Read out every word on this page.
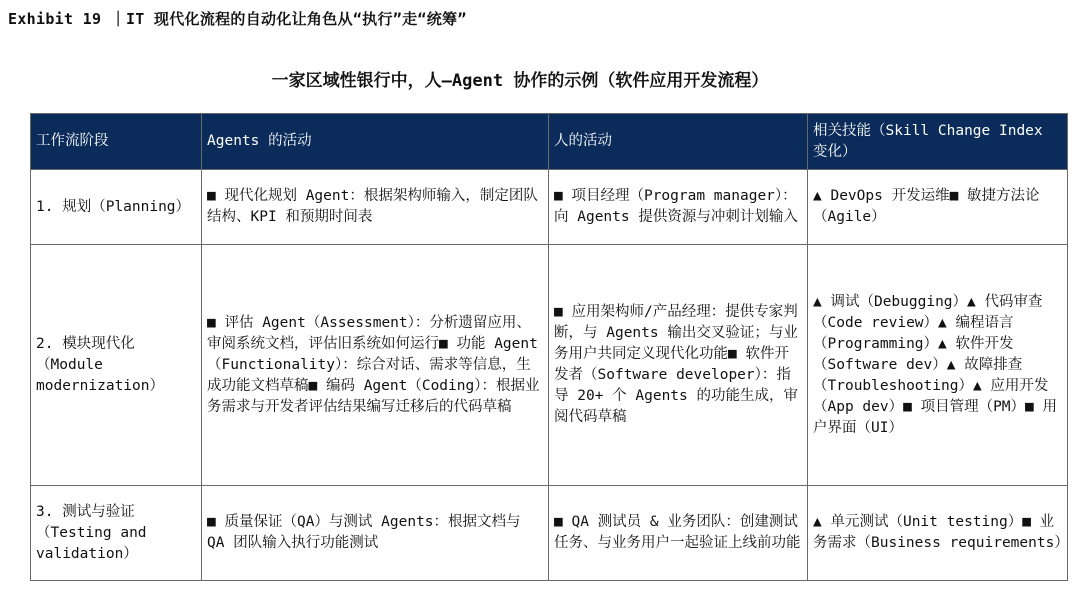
Exhibit 19 ｜IT 现代化流程的自动化让角色从“执行”走“统筹”
一家区域性银行中，人—Agent 协作的示例（软件应用开发流程）
工作流阶段	Agents 的活动	人的活动	相关技能（Skill Change Index 变化）
1. 规划（Planning）	■ 现代化规划 Agent：根据架构师输入，制定团队结构、KPI 和预期时间表	■ 项目经理（Program manager）：向 Agents 提供资源与冲刺计划输入	▲ DevOps 开发运维■ 敏捷方法论（Agile）
2. 模块现代化（Module modernization）	■ 评估 Agent（Assessment）：分析遗留应用、审阅系统文档，评估旧系统如何运行■ 功能 Agent（Functionality）：综合对话、需求等信息，生成功能文档草稿■ 编码 Agent（Coding）：根据业务需求与开发者评估结果编写迁移后的代码草稿	■ 应用架构师/产品经理：提供专家判断，与 Agents 输出交叉验证；与业务用户共同定义现代化功能■ 软件开发者（Software developer）：指导 20+ 个 Agents 的功能生成，审阅代码草稿	▲ 调试（Debugging）▲ 代码审查（Code review）▲ 编程语言（Programming）▲ 软件开发（Software dev）▲ 故障排查（Troubleshooting）▲ 应用开发（App dev）■ 项目管理（PM）■ 用户界面（UI）
3. 测试与验证（Testing and validation）	■ 质量保证（QA）与测试 Agents：根据文档与 QA 团队输入执行功能测试	■ QA 测试员 & 业务团队：创建测试任务、与业务用户一起验证上线前功能	▲ 单元测试（Unit testing）■ 业务需求（Business requirements）
